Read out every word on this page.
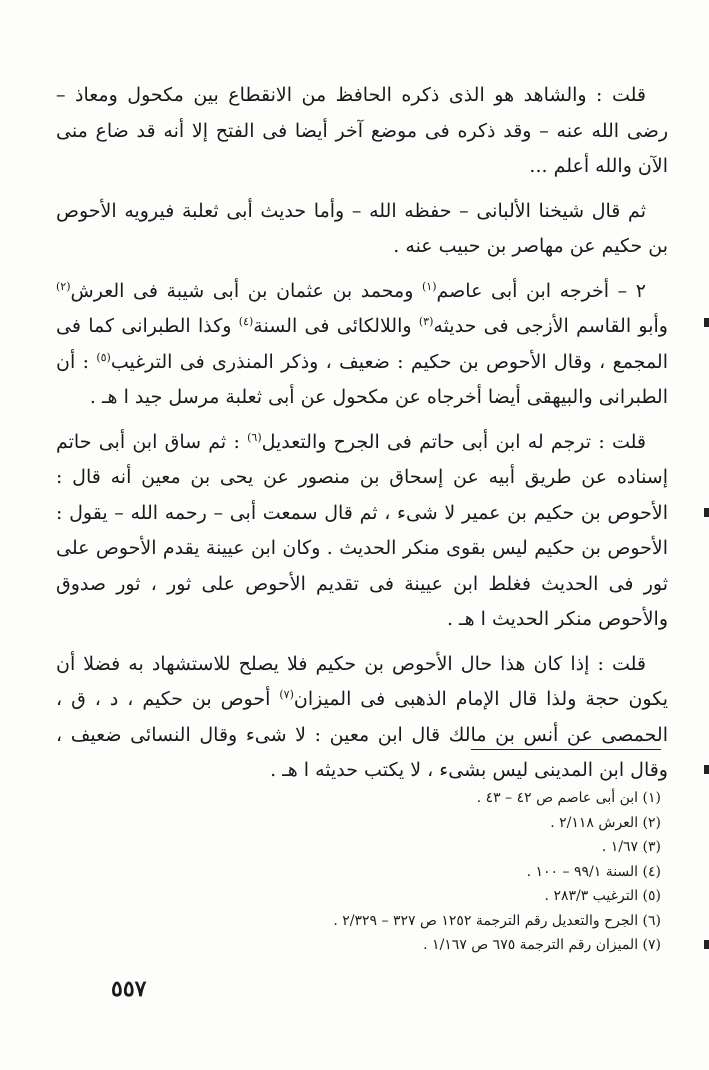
قلت : والشاهد هو الذى ذكره الحافظ من الانقطاع بين مكحول ومعاذ – رضى الله عنه – وقد ذكره فى موضع آخر أيضا فى الفتح إلا أنه قد ضاع منى الآن والله أعلم ...

ثم قال شيخنا الألبانى – حفظه الله – وأما حديث أبى ثعلبة فيرويه الأحوص بن حكيم عن مهاصر بن حبيب عنه .

٢ – أخرجه ابن أبى عاصم$^{(١)}$ ومحمد بن عثمان بن أبى شيبة فى العرش$^{(٢)}$ وأبو القاسم الأزجى فى حديثه$^{(٣)}$ واللالكائى فى السنة$^{(٤)}$ وكذا الطبرانى كما فى المجمع ، وقال الأحوص بن حكيم : ضعيف ، وذكر المنذرى فى الترغيب$^{(٥)}$ : أن الطبرانى والبيهقى أيضا أخرجاه عن مكحول عن أبى ثعلبة مرسل جيد ا هـ .

قلت : ترجم له ابن أبى حاتم فى الجرح والتعديل$^{(٦)}$ : ثم ساق ابن أبى حاتم إسناده عن طريق أبيه عن إسحاق بن منصور عن يحى بن معين أنه قال : الأحوص بن حكيم بن عمير لا شىء ، ثم قال سمعت أبى – رحمه الله – يقول : الأحوص بن حكيم ليس بقوى منكر الحديث . وكان ابن عيينة يقدم الأحوص على ثور فى الحديث فغلط ابن عيينة فى تقديم الأحوص على ثور ، ثور صدوق والأحوص منكر الحديث ا هـ .

قلت : إذا كان هذا حال الأحوص بن حكيم فلا يصلح للاستشهاد به فضلا أن يكون حجة ولذا قال الإمام الذهبى فى الميزان$^{(٧)}$ أحوص بن حكيم ، د ، ق ، الحمصى عن أنس بن مالك قال ابن معين : لا شىء وقال النسائى ضعيف ، وقال ابن المدينى ليس بشىء ، لا يكتب حديثه ا هـ .

(١) ابن أبى عاصم ص ٤٢ – ٤٣ .
(٢) العرش ٢/١١٨ .
(٣) ١/٦٧ .
(٤) السنة ٩٩/١ – ١٠٠ .
(٥) الترغيب ٢٨٣/٣ .
(٦) الجرح والتعديل رقم الترجمة ١٢٥٢ ص ٣٢٧ – ٢/٣٢٩ .
(٧) الميزان رقم الترجمة ٦٧٥ ص ١/١٦٧ .
٥٥٧
